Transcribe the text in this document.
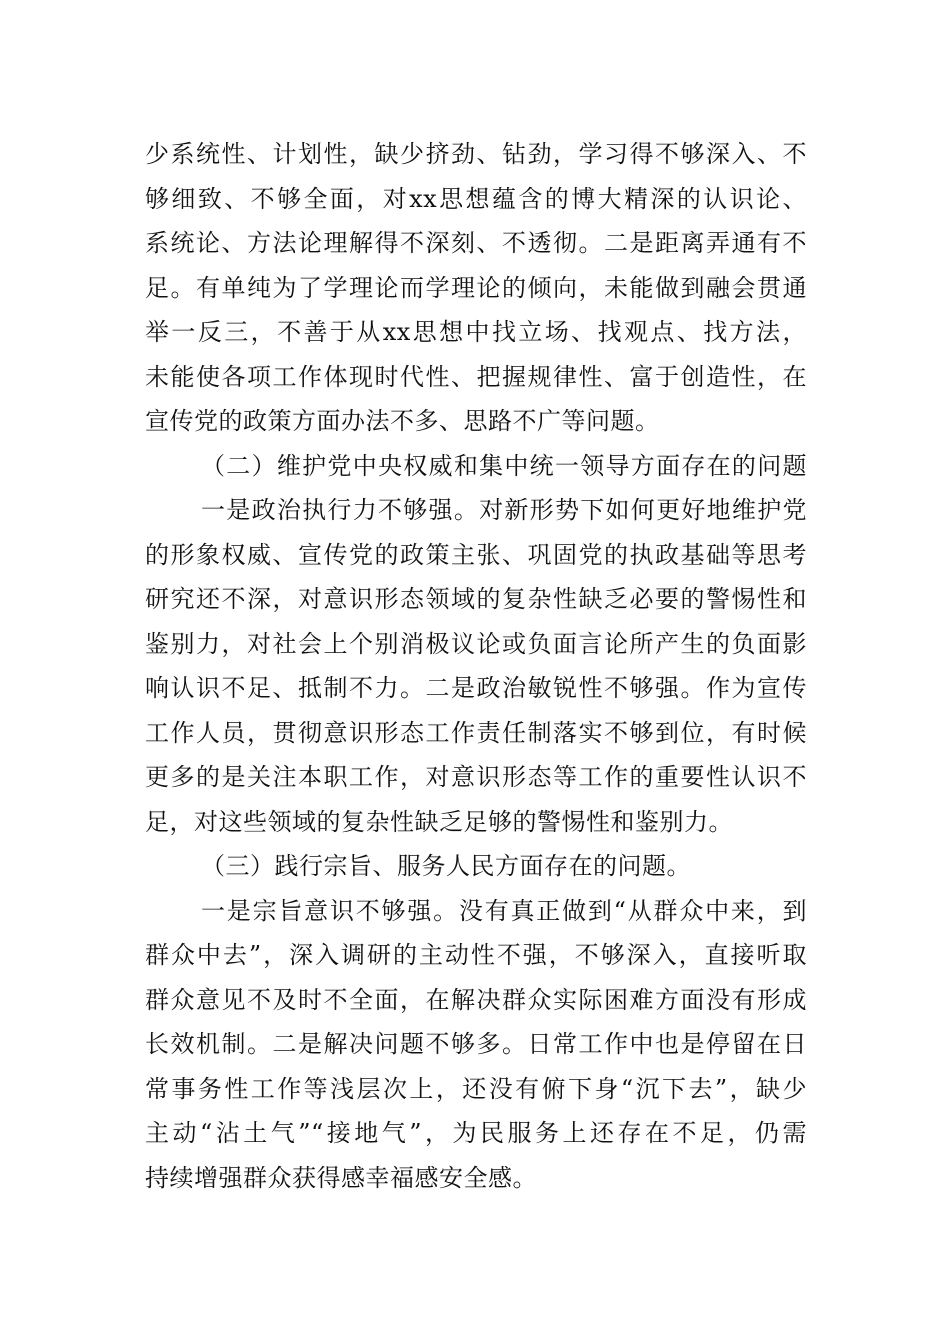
少系统性、计划性，缺少挤劲、钻劲，学习得不够深入、不
够细致、不够全面，对xx思想蕴含的博大精深的认识论、
系统论、方法论理解得不深刻、不透彻。二是距离弄通有不
足。有单纯为了学理论而学理论的倾向，未能做到融会贯通
举一反三，不善于从xx思想中找立场、找观点、找方法，
未能使各项工作体现时代性、把握规律性、富于创造性，在
宣传党的政策方面办法不多、思路不广等问题。
（二）维护党中央权威和集中统一领导方面存在的问题
一是政治执行力不够强。对新形势下如何更好地维护党
的形象权威、宣传党的政策主张、巩固党的执政基础等思考
研究还不深，对意识形态领域的复杂性缺乏必要的警惕性和
鉴别力，对社会上个别消极议论或负面言论所产生的负面影
响认识不足、抵制不力。二是政治敏锐性不够强。作为宣传
工作人员，贯彻意识形态工作责任制落实不够到位，有时候
更多的是关注本职工作，对意识形态等工作的重要性认识不
足，对这些领域的复杂性缺乏足够的警惕性和鉴别力。
（三）践行宗旨、服务人民方面存在的问题。
一是宗旨意识不够强。没有真正做到“从群众中来，到
群众中去”，深入调研的主动性不强，不够深入，直接听取
群众意见不及时不全面，在解决群众实际困难方面没有形成
长效机制。二是解决问题不够多。日常工作中也是停留在日
常事务性工作等浅层次上，还没有俯下身“沉下去”，缺少
主动“沾土气”“接地气”，为民服务上还存在不足，仍需
持续增强群众获得感幸福感安全感。
